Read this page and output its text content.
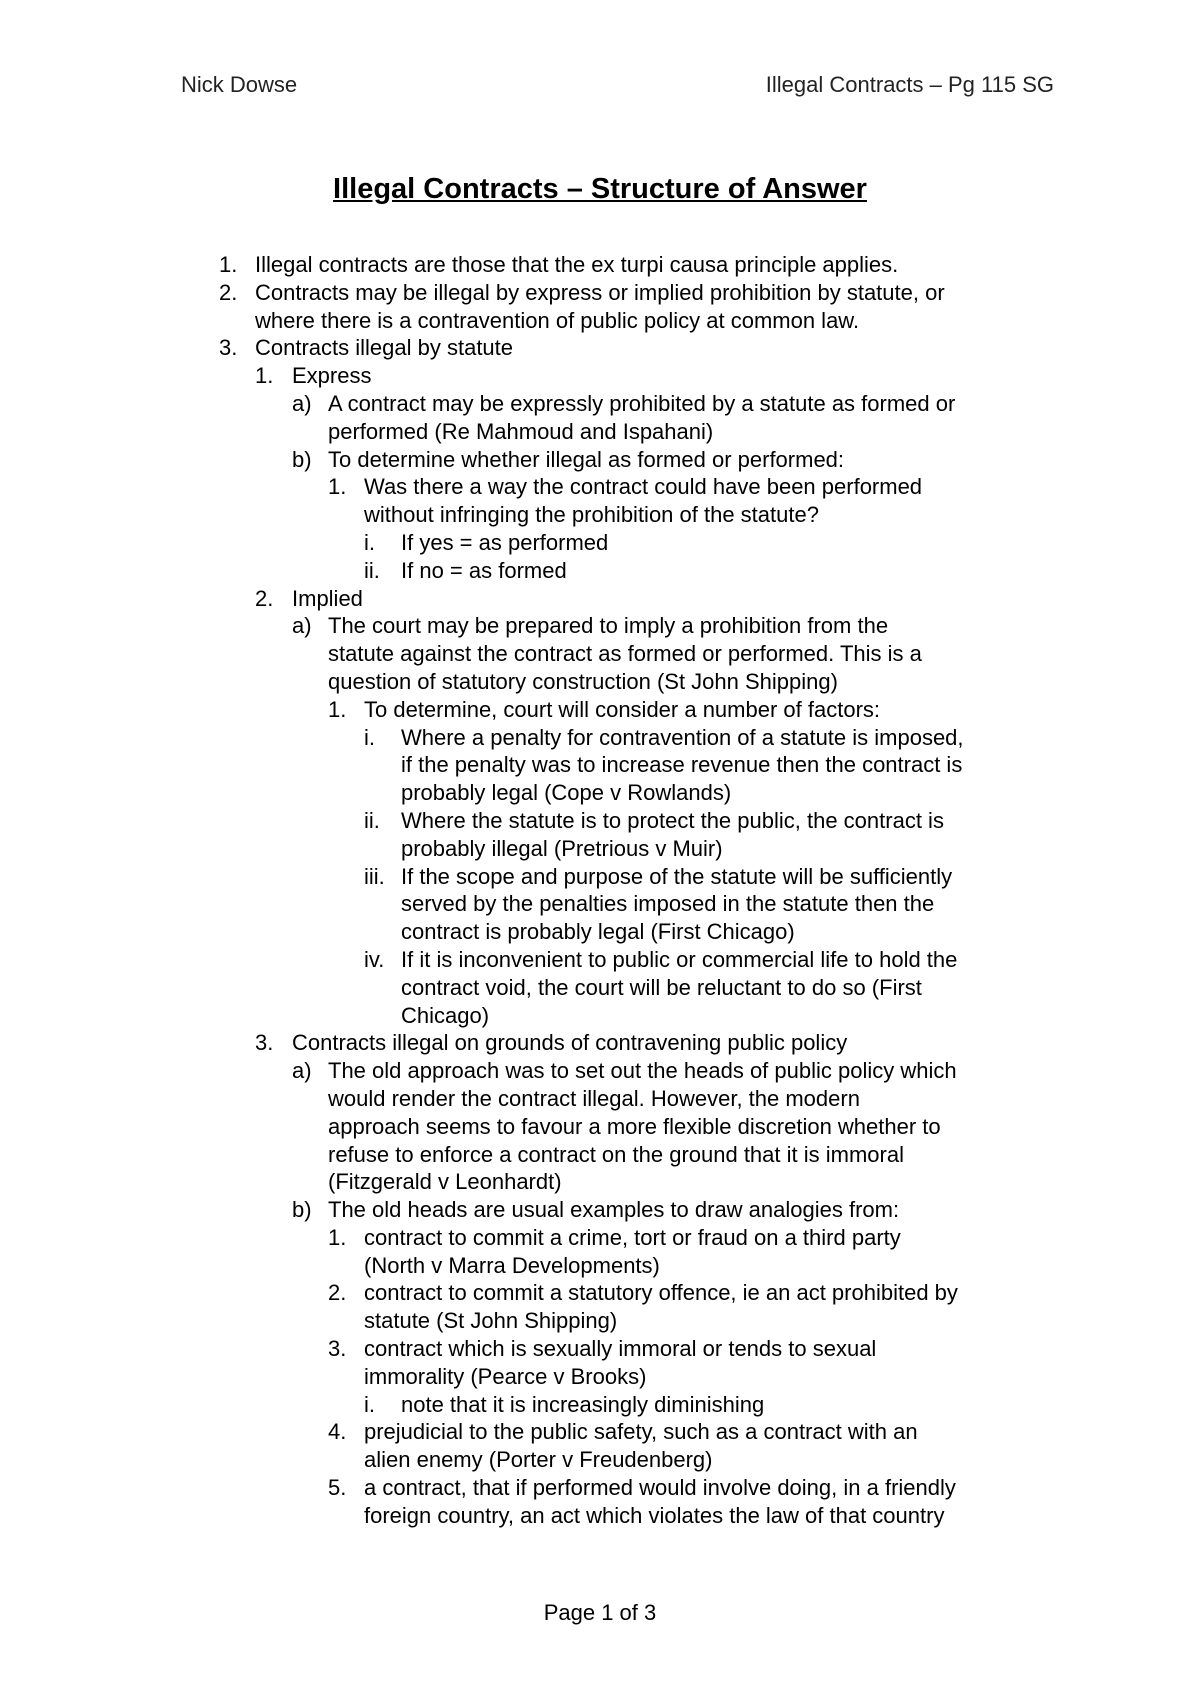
Nick Dowse	Illegal Contracts – Pg 115 SG
Illegal Contracts – Structure of Answer
1. Illegal contracts are those that the ex turpi causa principle applies.
2. Contracts may be illegal by express or implied prohibition by statute, or
where there is a contravention of public policy at common law.
3. Contracts illegal by statute
1. Express
a) A contract may be expressly prohibited by a statute as formed or
performed (Re Mahmoud and Ispahani)
b) To determine whether illegal as formed or performed:
1. Was there a way the contract could have been performed
without infringing the prohibition of the statute?
i. If yes = as performed
ii. If no = as formed
2. Implied
a) The court may be prepared to imply a prohibition from the
statute against the contract as formed or performed. This is a
question of statutory construction (St John Shipping)
1. To determine, court will consider a number of factors:
i. Where a penalty for contravention of a statute is imposed,
if the penalty was to increase revenue then the contract is
probably legal (Cope v Rowlands)
ii. Where the statute is to protect the public, the contract is
probably illegal (Pretrious v Muir)
iii. If the scope and purpose of the statute will be sufficiently
served by the penalties imposed in the statute then the
contract is probably legal (First Chicago)
iv. If it is inconvenient to public or commercial life to hold the
contract void, the court will be reluctant to do so (First
Chicago)
3. Contracts illegal on grounds of contravening public policy
a) The old approach was to set out the heads of public policy which
would render the contract illegal. However, the modern
approach seems to favour a more flexible discretion whether to
refuse to enforce a contract on the ground that it is immoral
(Fitzgerald v Leonhardt)
b) The old heads are usual examples to draw analogies from:
1. contract to commit a crime, tort or fraud on a third party
(North v Marra Developments)
2. contract to commit a statutory offence, ie an act prohibited by
statute (St John Shipping)
3. contract which is sexually immoral or tends to sexual
immorality (Pearce v Brooks)
i. note that it is increasingly diminishing
4. prejudicial to the public safety, such as a contract with an
alien enemy (Porter v Freudenberg)
5. a contract, that if performed would involve doing, in a friendly
foreign country, an act which violates the law of that country
Page 1 of 3
